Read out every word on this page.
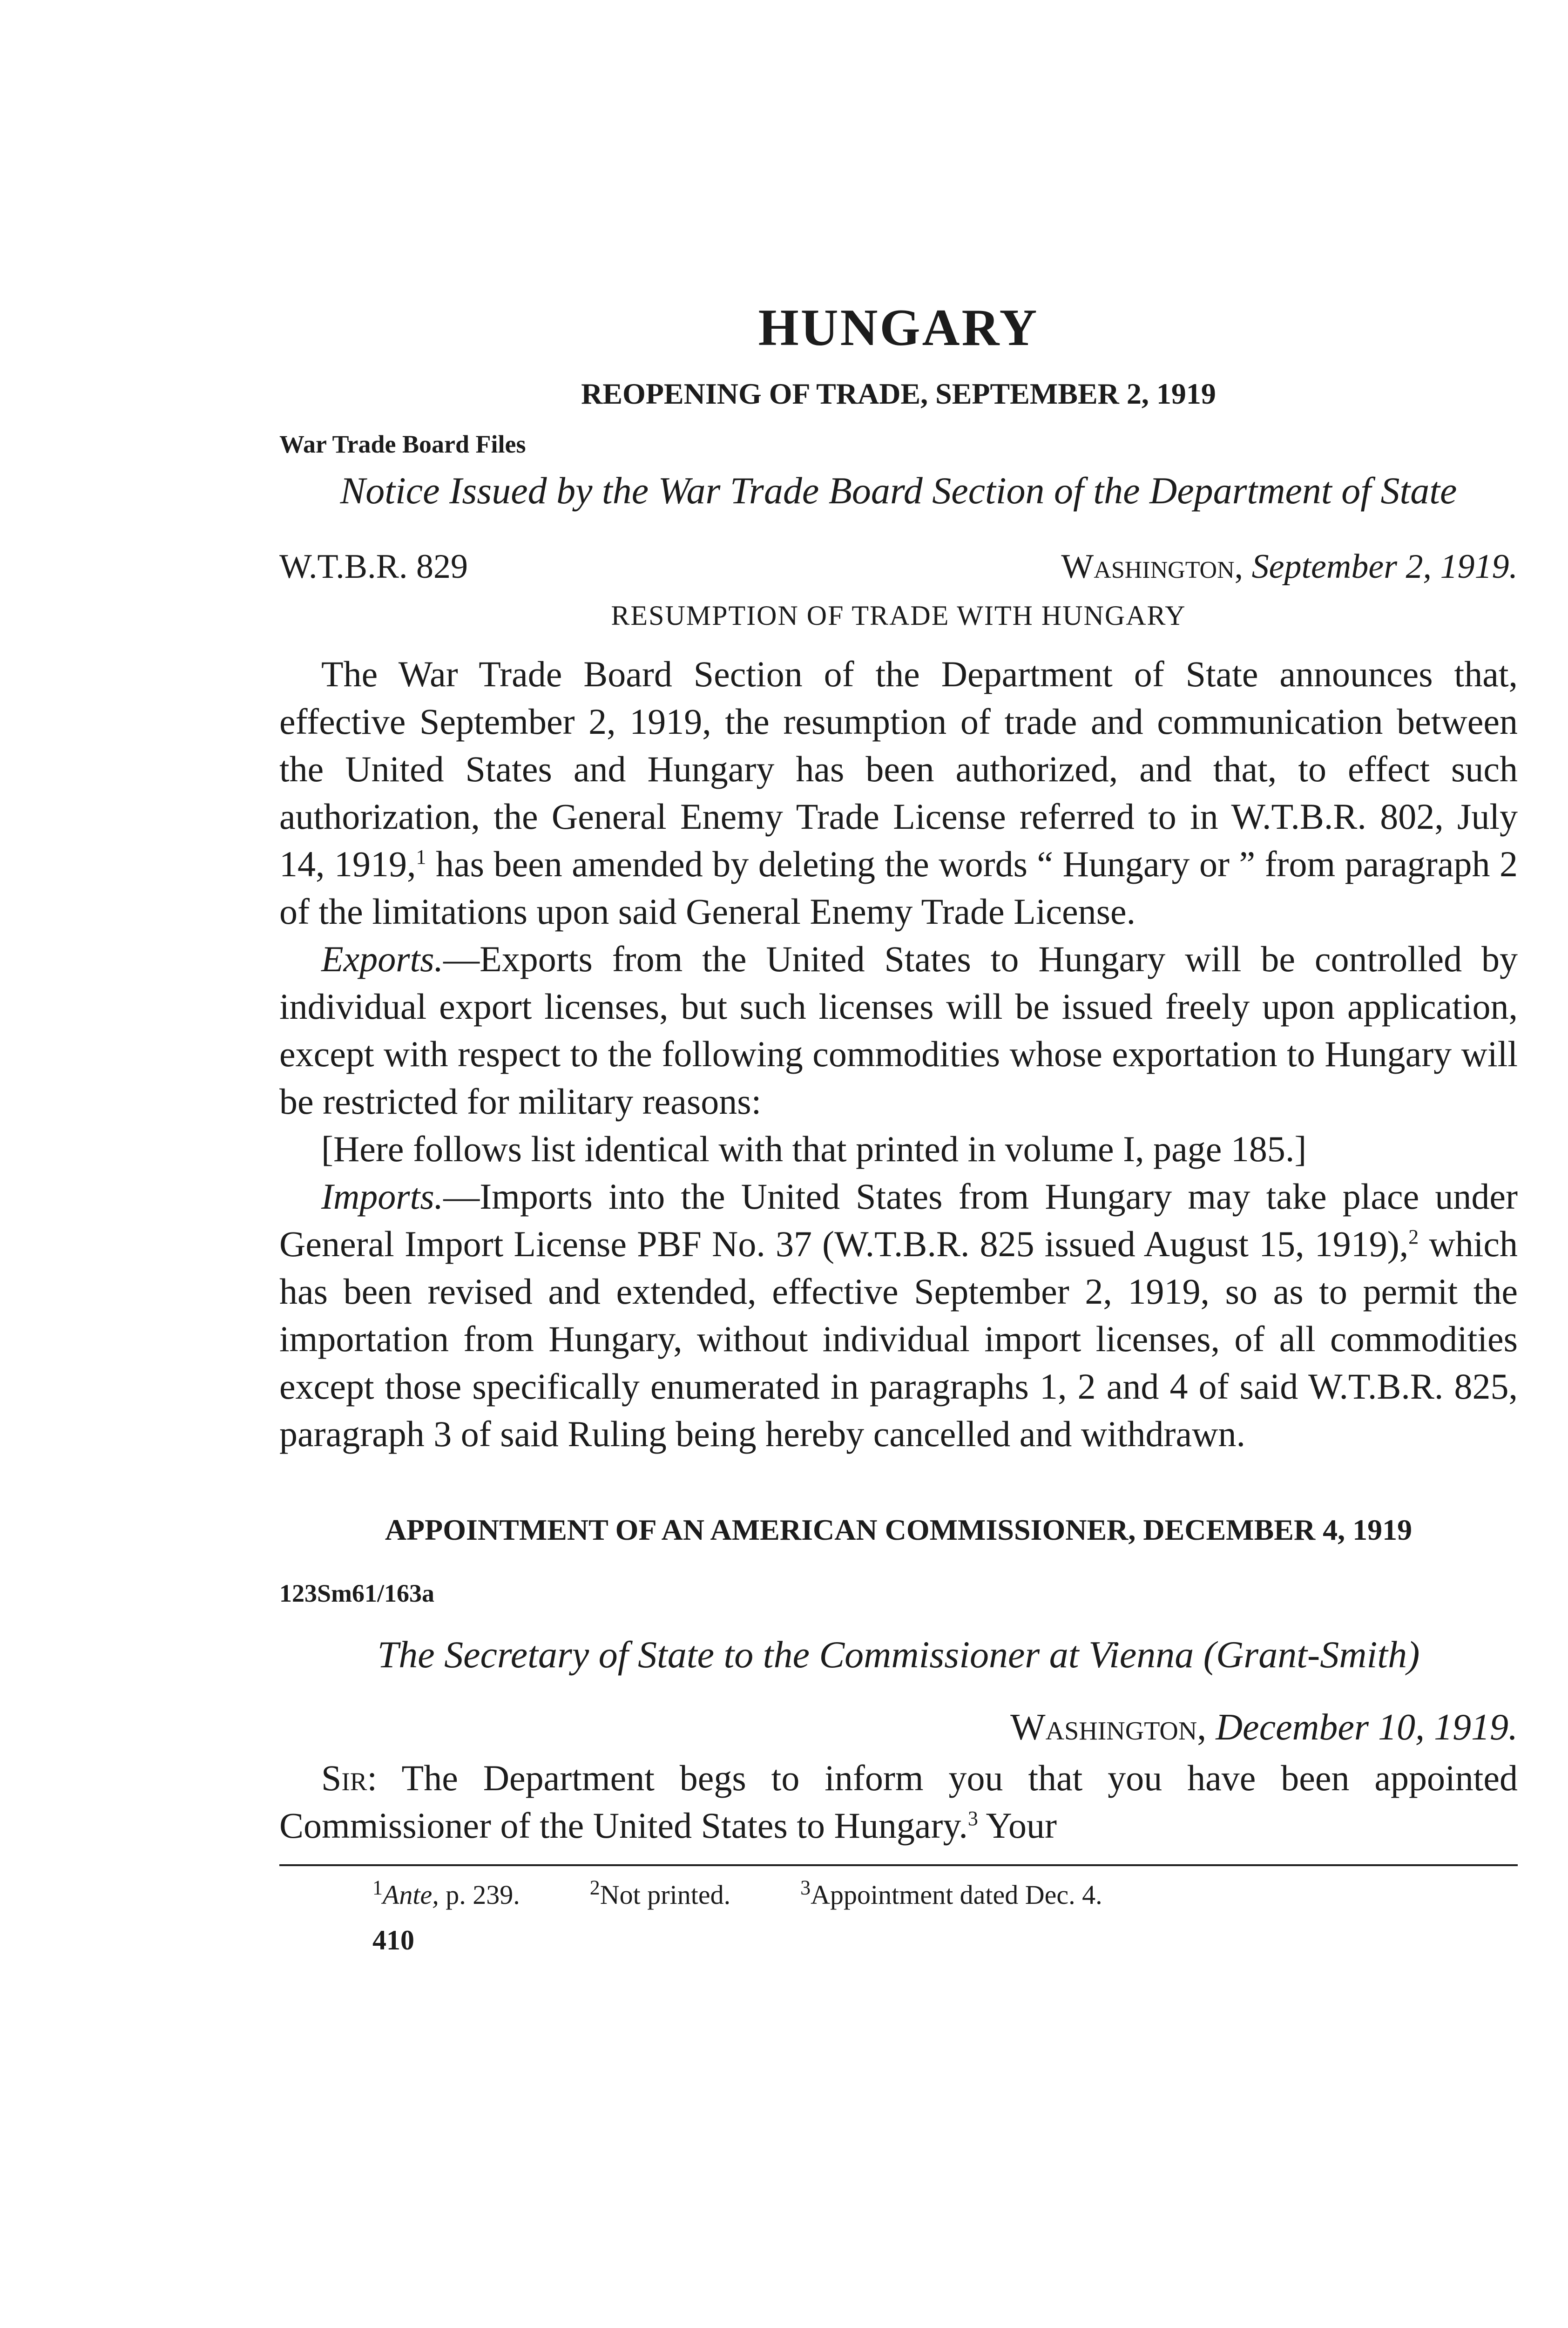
HUNGARY
REOPENING OF TRADE, SEPTEMBER 2, 1919
War Trade Board Files
Notice Issued by the War Trade Board Section of the Department of State
W.T.B.R. 829	Washington, September 2, 1919.
RESUMPTION OF TRADE WITH HUNGARY

The War Trade Board Section of the Department of State announces that, effective September 2, 1919, the resumption of trade and communication between the United States and Hungary has been authorized, and that, to effect such authorization, the General Enemy Trade License referred to in W.T.B.R. 802, July 14, 1919,$^1$ has been amended by deleting the words “ Hungary or ” from paragraph 2 of the limitations upon said General Enemy Trade License.

Exports.—Exports from the United States to Hungary will be controlled by individual export licenses, but such licenses will be issued freely upon application, except with respect to the following commodities whose exportation to Hungary will be restricted for military reasons:

[Here follows list identical with that printed in volume I, page 185.]

Imports.—Imports into the United States from Hungary may take place under General Import License PBF No. 37 (W.T.B.R. 825 issued August 15, 1919),$^2$ which has been revised and extended, effective September 2, 1919, so as to permit the importation from Hungary, without individual import licenses, of all commodities except those specifically enumerated in paragraphs 1, 2 and 4 of said W.T.B.R. 825, paragraph 3 of said Ruling being hereby cancelled and withdrawn.

APPOINTMENT OF AN AMERICAN COMMISSIONER, DECEMBER 4, 1919
123Sm61/163a
The Secretary of State to the Commissioner at Vienna (Grant-Smith)
Washington, December 10, 1919.

Sir: The Department begs to inform you that you have been appointed Commissioner of the United States to Hungary.$^3$ Your

$^1$Ante, p. 239.	$^2$Not printed.	$^3$Appointment dated Dec. 4.
410
